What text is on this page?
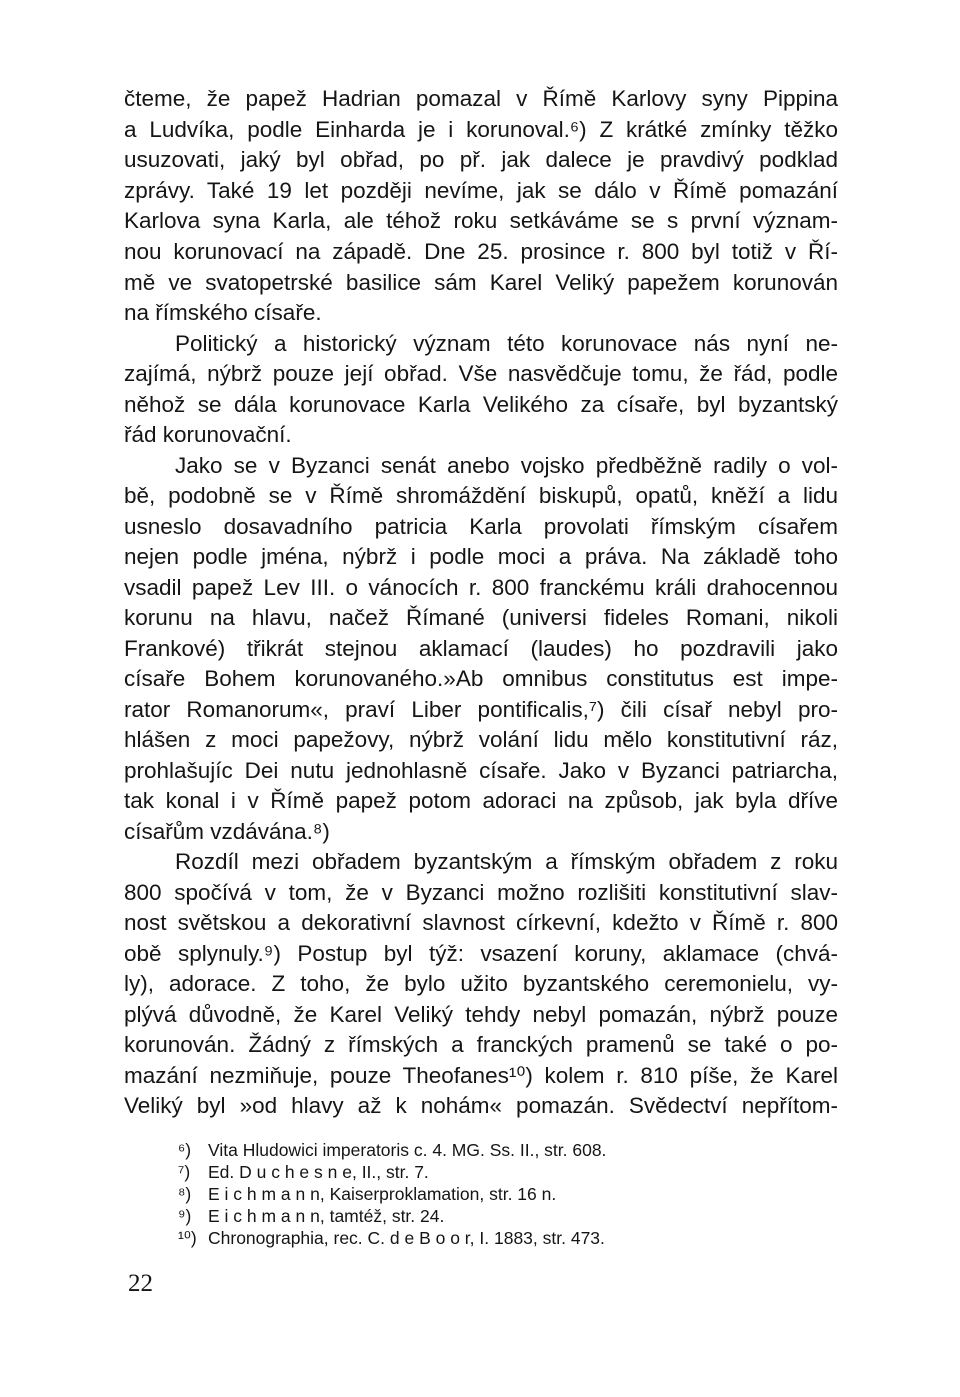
čteme, že papež Hadrian pomazal v Římě Karlovy syny Pippina
a Ludvíka, podle Einharda je i korunoval.⁶) Z krátké zmínky těžko
usuzovati, jaký byl obřad, po př. jak dalece je pravdivý podklad
zprávy. Také 19 let později nevíme, jak se dálo v Římě pomazání
Karlova syna Karla, ale téhož roku setkáváme se s první význam-
nou korunovací na západě. Dne 25. prosince r. 800 byl totiž v Ří-
mě ve svatopetrské basilice sám Karel Veliký papežem korunován
na římského císaře.
Politický a historický význam této korunovace nás nyní ne-
zajímá, nýbrž pouze její obřad. Vše nasvědčuje tomu, že řád, podle
něhož se dála korunovace Karla Velikého za císaře, byl byzantský
řád korunovační.
Jako se v Byzanci senát anebo vojsko předběžně radily o vol-
bě, podobně se v Římě shromáždění biskupů, opatů, kněží a lidu
usneslo dosavadního patricia Karla provolati římským císařem
nejen podle jména, nýbrž i podle moci a práva. Na základě toho
vsadil papež Lev III. o vánocích r. 800 franckému králi drahocennou
korunu na hlavu, načež Římané (universi fideles Romani, nikoli
Frankové) třikrát stejnou aklamací (laudes) ho pozdravili jako
císaře Bohem korunovaného.»Ab omnibus constitutus est impe-
rator Romanorum«, praví Liber pontificalis,⁷) čili císař nebyl pro-
hlášen z moci papežovy, nýbrž volání lidu mělo konstitutivní ráz,
prohlašujíc Dei nutu jednohlasně císaře. Jako v Byzanci patriarcha,
tak konal i v Římě papež potom adoraci na způsob, jak byla dříve
císařům vzdávána.⁸)
Rozdíl mezi obřadem byzantským a římským obřadem z roku
800 spočívá v tom, že v Byzanci možno rozlišiti konstitutivní slav-
nost světskou a dekorativní slavnost církevní, kdežto v Římě r. 800
obě splynuly.⁹) Postup byl týž: vsazení koruny, aklamace (chvá-
ly), adorace. Z toho, že bylo užito byzantského ceremonielu, vy-
plývá důvodně, že Karel Veliký tehdy nebyl pomazán, nýbrž pouze
korunován. Žádný z římských a franckých pramenů se také o po-
mazání nezmiňuje, pouze Theofanes¹⁰) kolem r. 810 píše, že Karel
Veliký byl »od hlavy až k nohám« pomazán. Svědectví nepřítom-
⁶) Vita Hludowici imperatoris c. 4. MG. Ss. II., str. 608.
⁷) Ed. D u c h e s n e, II., str. 7.
⁸) E i c h m a n n, Kaiserproklamation, str. 16 n.
⁹) E i c h m a n n, tamtéž, str. 24.
¹⁰) Chronographia, rec. C. d e B o o r, I. 1883, str. 473.
22
